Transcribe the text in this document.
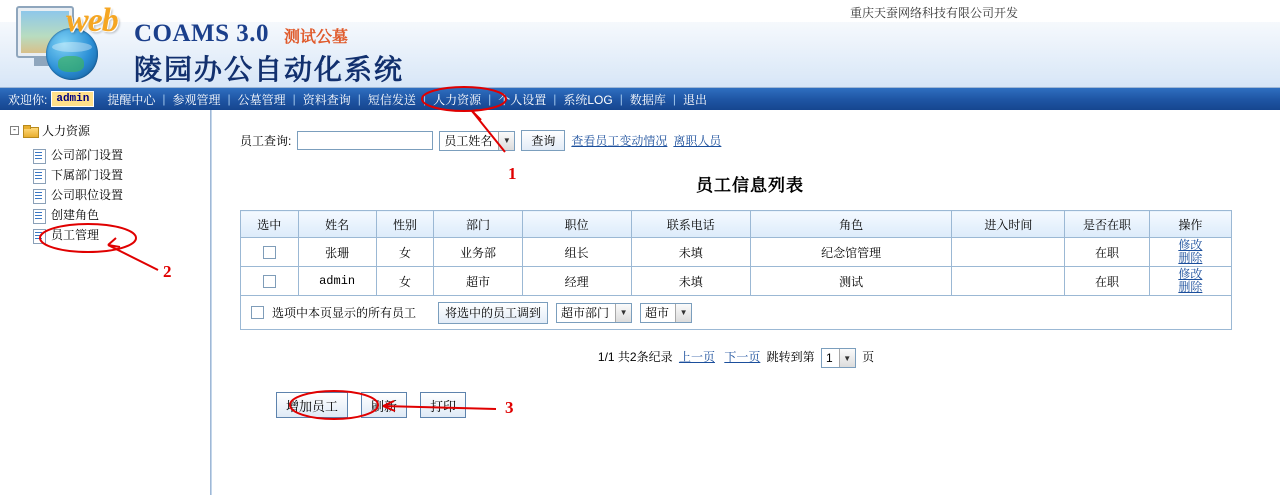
重庆天蚕网络科技有限公司开发
web COAMS 3.0 测试公墓
陵园办公自动化系统
欢迎你: admin	提醒中心 | 参观管理 | 公墓管理 | 资料查询 | 短信发送 | 人力资源 | 个人设置 | 系统LOG | 数据库 | 退出
- 人力资源
公司部门设置
下属部门设置
公司职位设置
创建角色
员工管理
员工查询:	员工姓名	▼	查询	查看员工变动情况 离职人员
员工信息列表
选中	姓名	性别	部门	职位	联系电话	角色	进入时间	是否在职	操作
	张珊	女	业务部	组长	未填	纪念馆管理		在职	修改
删除

	admin	女	超市	经理	未填	测试		在职	修改
删除
选项中本页显示的所有员工	将选中的员工调到	超市部门	▼ 超市	▼
1/1 共2条纪录 上一页 下一页 跳转到第 1	▼ 页
增加员工	刷新	打印
1
2
3
